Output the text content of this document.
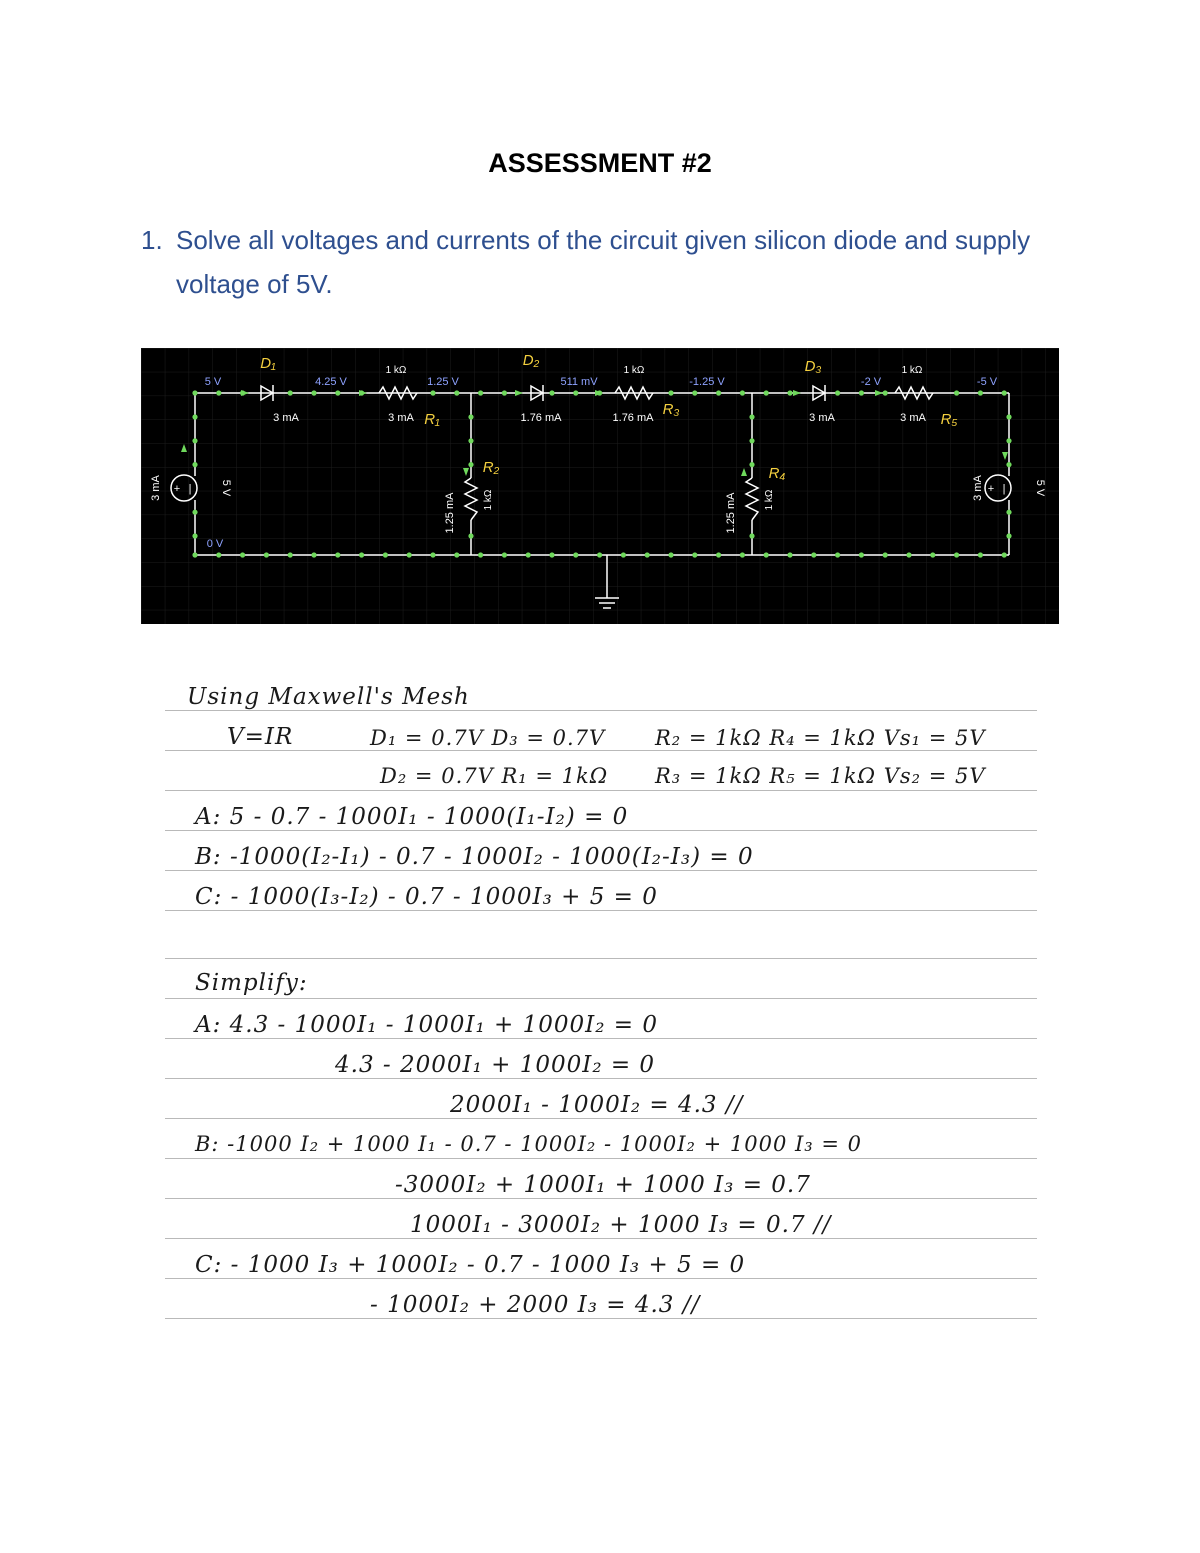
ASSESSMENT #2
1. Solve all voltages and currents of the circuit given silicon diode and supply voltage of 5V.
+ |	+ |
5 V	4.25 V	1.25 V	511 mV	-1.25 V	-2 V	-5 V
0 V
1 kΩ	1 kΩ	1 kΩ
1 kΩ	1 kΩ
3 mA	3 mA	1.76 mA	1.76 mA	3 mA	3 mA
3 mA
1.25 mA	1.25 mA
3 mA
5 V	5 V
D₁	D₂	D₃
R₁
R₂
R₃
R₄
R₅
Using Maxwell's Mesh
V=IR	D₁ = 0.7V D₃ = 0.7V R₂ = 1kΩ R₄ = 1kΩ Vs₁ = 5V
D₂ = 0.7V R₁ = 1kΩ R₃ = 1kΩ R₅ = 1kΩ Vs₂ = 5V
A: 5 - 0.7 - 1000I₁ - 1000(I₁-I₂) = 0
B: -1000(I₂-I₁) - 0.7 - 1000I₂ - 1000(I₂-I₃) = 0
C: - 1000(I₃-I₂) - 0.7 - 1000I₃ + 5 = 0
Simplify:
A: 4.3 - 1000I₁ - 1000I₁ + 1000I₂ = 0
4.3 - 2000I₁ + 1000I₂ = 0
2000I₁ - 1000I₂ = 4.3 //
B: -1000 I₂ + 1000 I₁ - 0.7 - 1000I₂ - 1000I₂ + 1000 I₃ = 0
-3000I₂ + 1000I₁ + 1000 I₃ = 0.7
1000I₁ - 3000I₂ + 1000 I₃ = 0.7 //
C: - 1000 I₃ + 1000I₂ - 0.7 - 1000 I₃ + 5 = 0
- 1000I₂ + 2000 I₃ = 4.3 //
